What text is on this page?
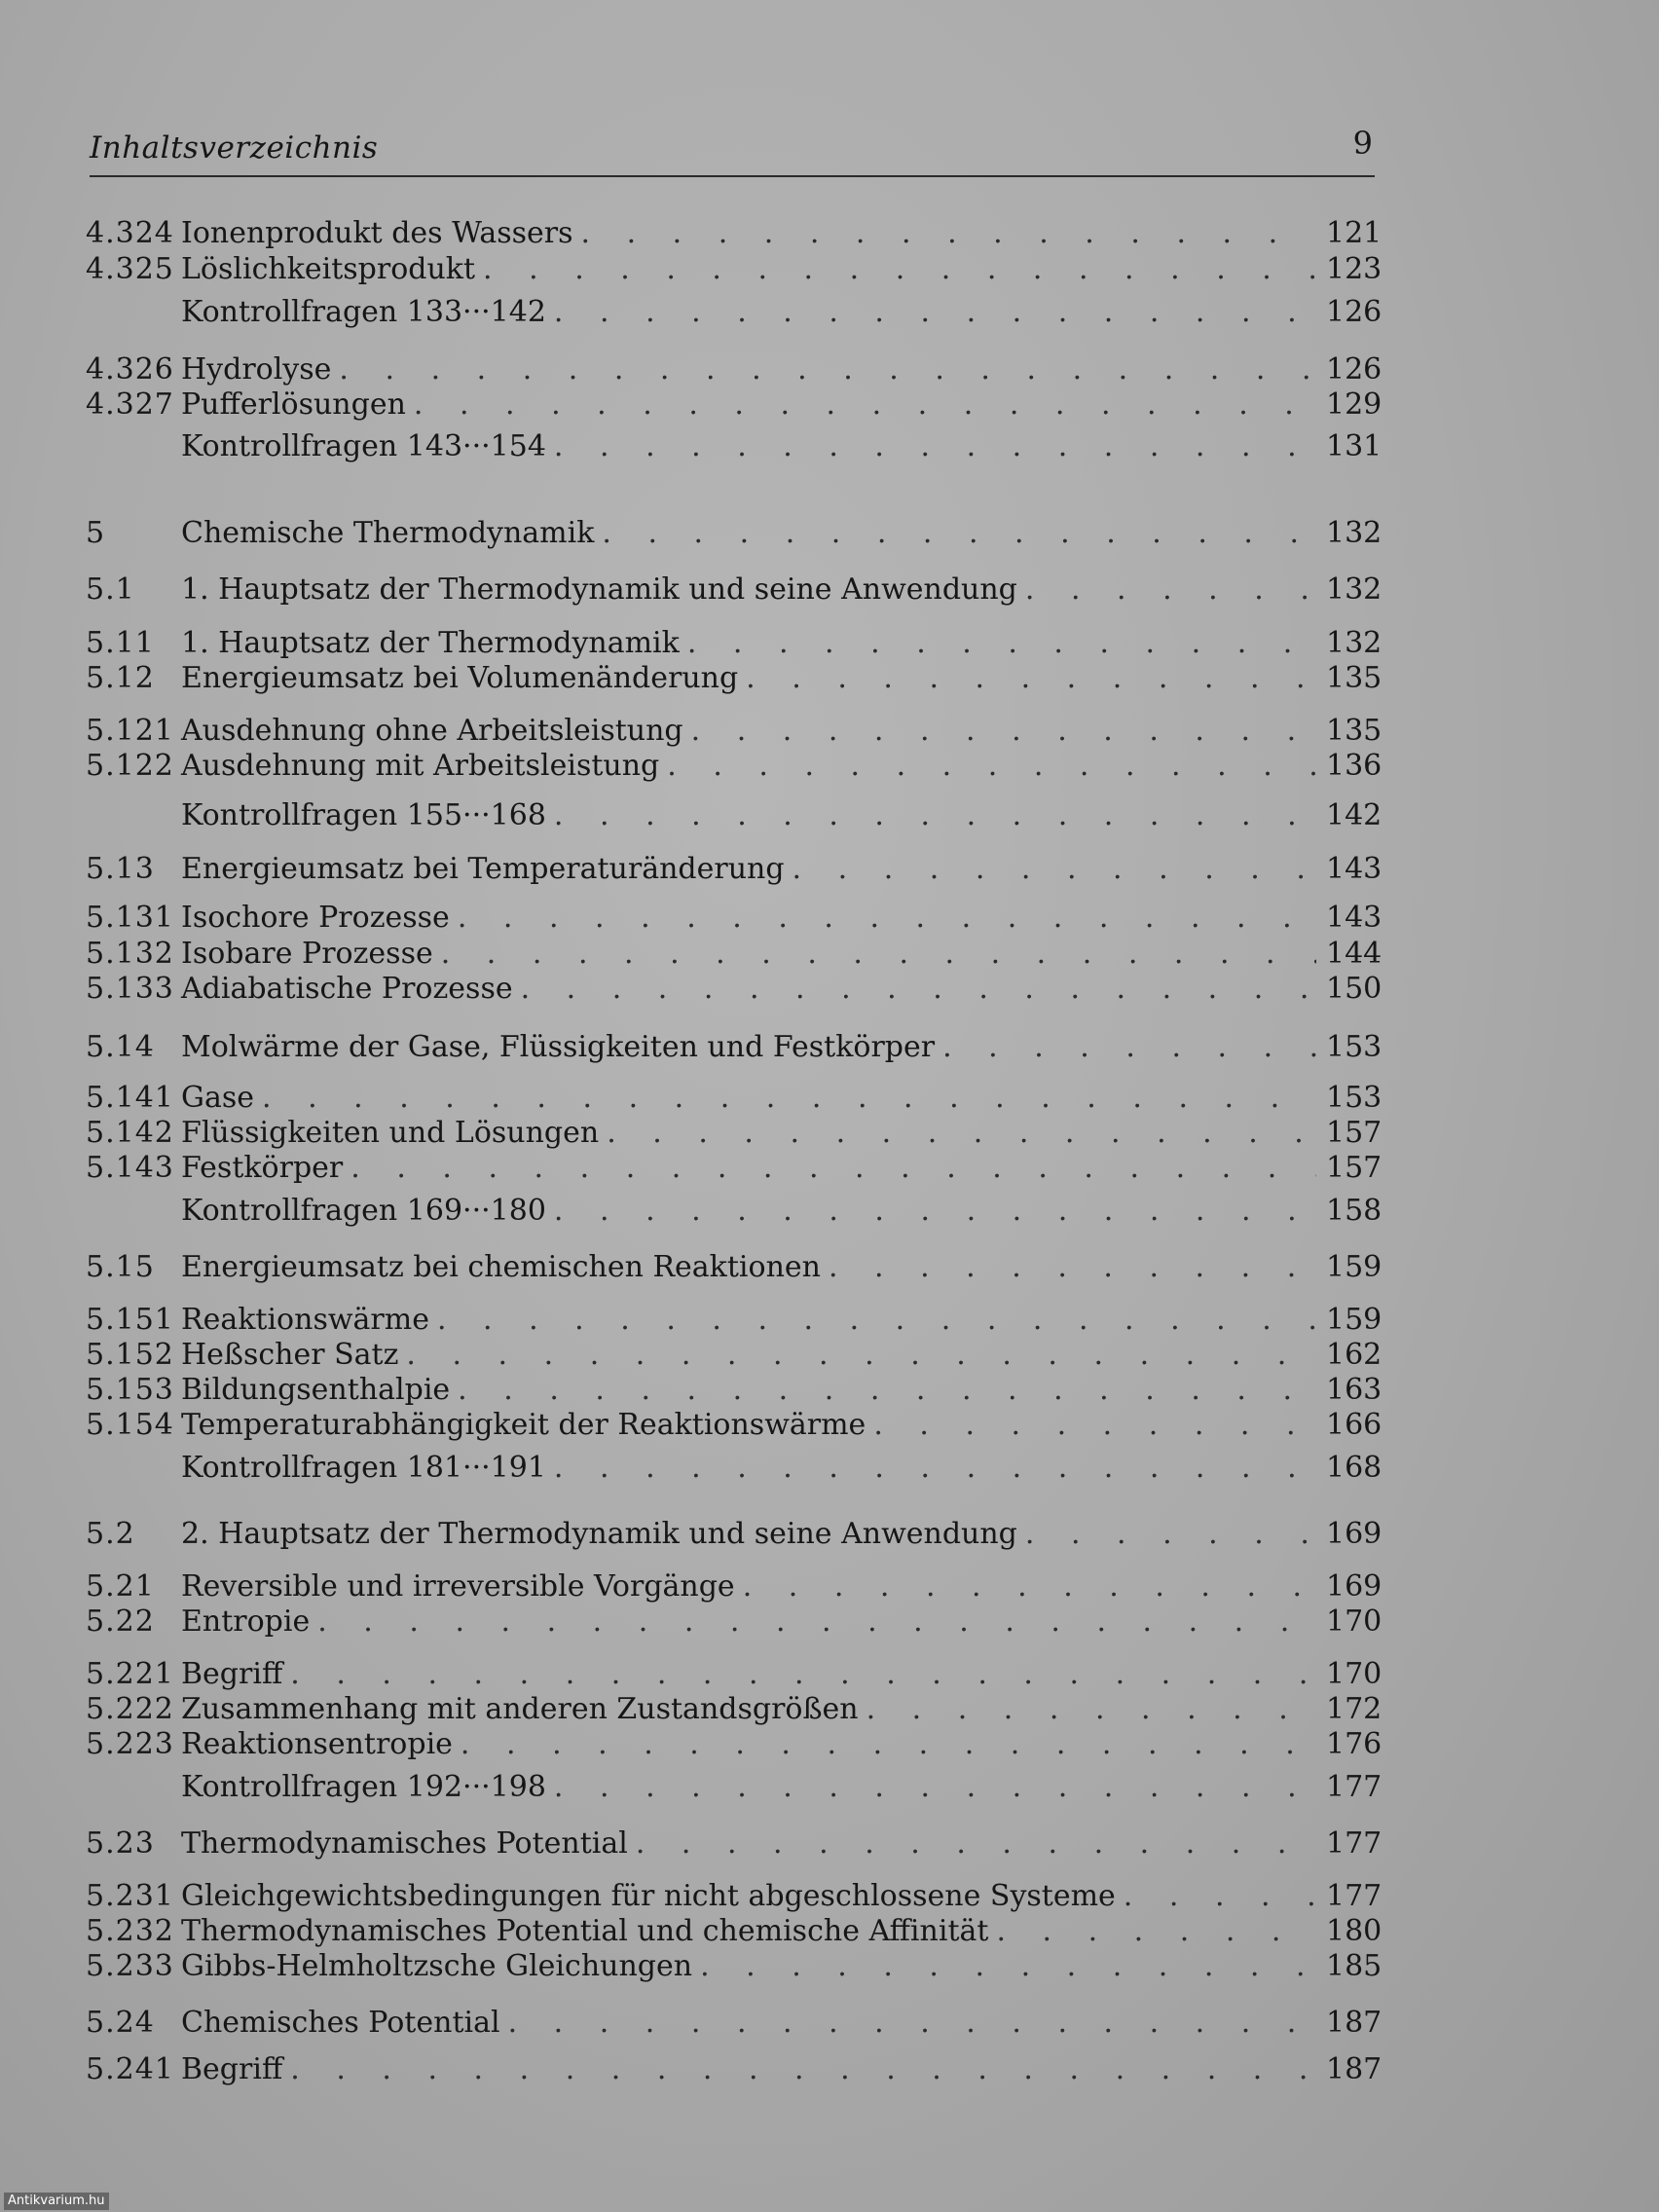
Inhaltsverzeichnis	9
4.324 Ionenprodukt des Wassers . . .	121
4.325 Löslichkeitsprodukt . . .	123
Kontrollfragen 133···142 . . .	126
4.326 Hydrolyse . . .	126
4.327 Pufferlösungen . . .	129
Kontrollfragen 143···154 . . .	131
5	Chemische Thermodynamik . . .	132
5.1 1. Hauptsatz der Thermodynamik und seine Anwendung . . .	132
5.11 1. Hauptsatz der Thermodynamik . . .	132
5.12 Energieumsatz bei Volumenänderung . . .	135
5.121 Ausdehnung ohne Arbeitsleistung . . .	135
5.122 Ausdehnung mit Arbeitsleistung . . .	136
Kontrollfragen 155···168 . . .	142
5.13 Energieumsatz bei Temperaturänderung . . .	143
5.131 Isochore Prozesse . . .	143
5.132 Isobare Prozesse . . .	144
5.133 Adiabatische Prozesse . . .	150
5.14 Molwärme der Gase, Flüssigkeiten und Festkörper . . .	153
5.141 Gase . . .	153
5.142 Flüssigkeiten und Lösungen . . .	157
5.143 Festkörper . . .	157
Kontrollfragen 169···180 . . .	158
5.15 Energieumsatz bei chemischen Reaktionen . . .	159
5.151 Reaktionswärme . . .	159
5.152 Heßscher Satz . . .	162
5.153 Bildungsenthalpie . . .	163
5.154 Temperaturabhängigkeit der Reaktionswärme . . .	166
Kontrollfragen 181···191 . . .	168
5.2 2. Hauptsatz der Thermodynamik und seine Anwendung . . .	169
5.21 Reversible und irreversible Vorgänge . . .	169
5.22 Entropie . . .	170
5.221 Begriff . . .	170
5.222 Zusammenhang mit anderen Zustandsgrößen . . .	172
5.223 Reaktionsentropie . . .	176
Kontrollfragen 192···198 . . .	177
5.23 Thermodynamisches Potential . . .	177
5.231 Gleichgewichtsbedingungen für nicht abgeschlossene Systeme . . .	177
5.232 Thermodynamisches Potential und chemische Affinität . . .	180
5.233 Gibbs-Helmholtzsche Gleichungen . . .	185
5.24 Chemisches Potential . . .	187
5.241 Begriff . . .	187
Antikvarium.hu
